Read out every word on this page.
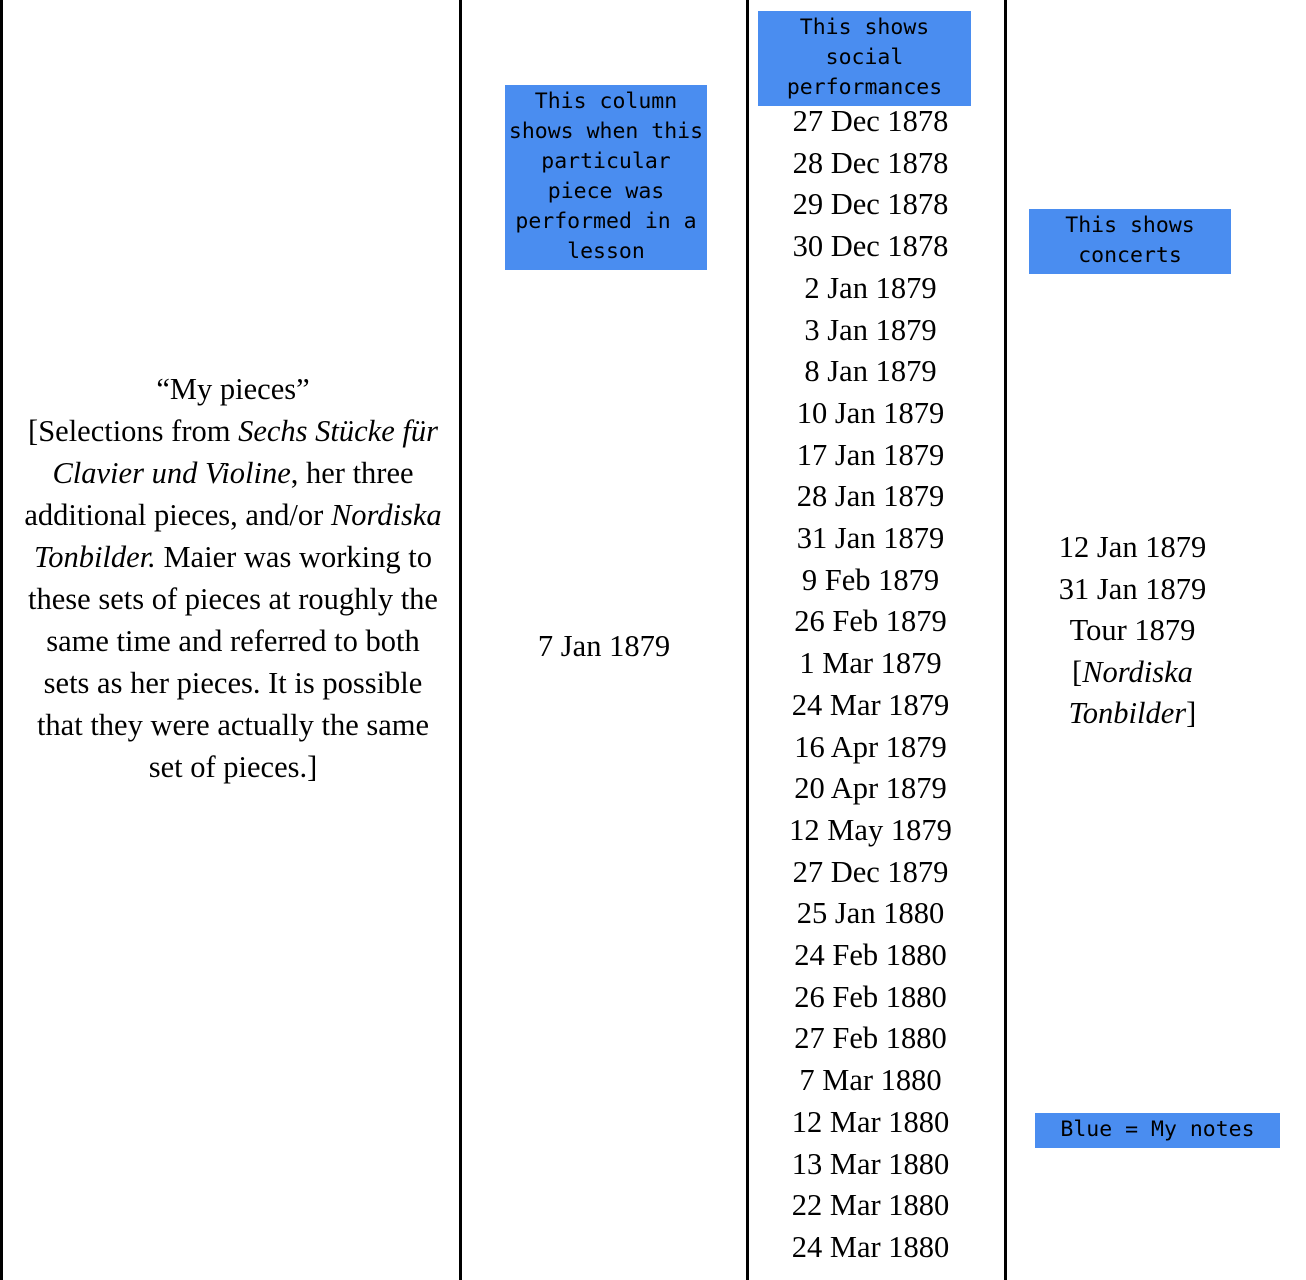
“My pieces”
[Selections from Sechs Stücke für Clavier und Violine, her three additional pieces, and/or Nordiska Tonbilder. Maier was working to these sets of pieces at roughly the same time and referred to both sets as her pieces. It is possible that they were actually the same set of pieces.]
This column shows when this particular piece was performed in a lesson
7 Jan 1879
This shows social performances
27 Dec 1878
28 Dec 1878
29 Dec 1878
30 Dec 1878
2 Jan 1879
3 Jan 1879
8 Jan 1879
10 Jan 1879
17 Jan 1879
28 Jan 1879
31 Jan 1879
9 Feb 1879
26 Feb 1879
1 Mar 1879
24 Mar 1879
16 Apr 1879
20 Apr 1879
12 May 1879
27 Dec 1879
25 Jan 1880
24 Feb 1880
26 Feb 1880
27 Feb 1880
7 Mar 1880
12 Mar 1880
13 Mar 1880
22 Mar 1880
24 Mar 1880
This shows concerts
12 Jan 1879
31 Jan 1879
Tour 1879
[Nordiska Tonbilder]
Blue = My notes
